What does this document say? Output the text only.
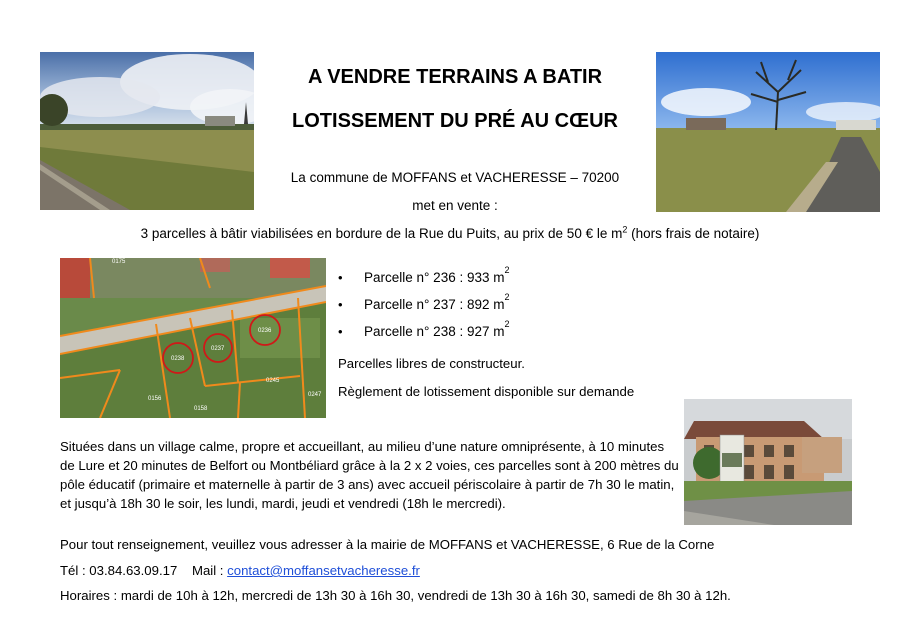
A VENDRE TERRAINS A BATIR
LOTISSEMENT DU PRÉ AU CŒUR
La commune de MOFFANS et VACHERESSE – 70200
met en vente :
3 parcelles à bâtir viabilisées en bordure de la Rue du Puits, au prix de 50 € le $m^2$ (hors frais de notaire)
0238
0237
0236
0245
0158
0156
0247
0175
•	Parcelle n° 236 : 933 m 2
•	Parcelle n° 237 : 892 m 2
•	Parcelle n° 238 : 927 m 2
Parcelles libres de constructeur.
Règlement de lotissement disponible sur demande
Situées dans un village calme, propre et accueillant, au milieu d’une nature omniprésente, à 10 minutes de Lure et 20 minutes de Belfort ou Montbéliard grâce à la 2 x 2 voies, ces parcelles sont à 200 mètres du pôle éducatif (primaire et maternelle à partir de 3 ans) avec accueil périscolaire à partir de 7h 30 le matin, et jusqu’à 18h 30 le soir, les lundi, mardi, jeudi et vendredi (18h le mercredi).
Pour tout renseignement, veuillez vous adresser à la mairie de MOFFANS et VACHERESSE, 6 Rue de la Corne
Tél : 03.84.63.09.17 Mail : contact@moffansetvacheresse.fr
Horaires : mardi de 10h à 12h, mercredi de 13h 30 à 16h 30, vendredi de 13h 30 à 16h 30, samedi de 8h 30 à 12h.
